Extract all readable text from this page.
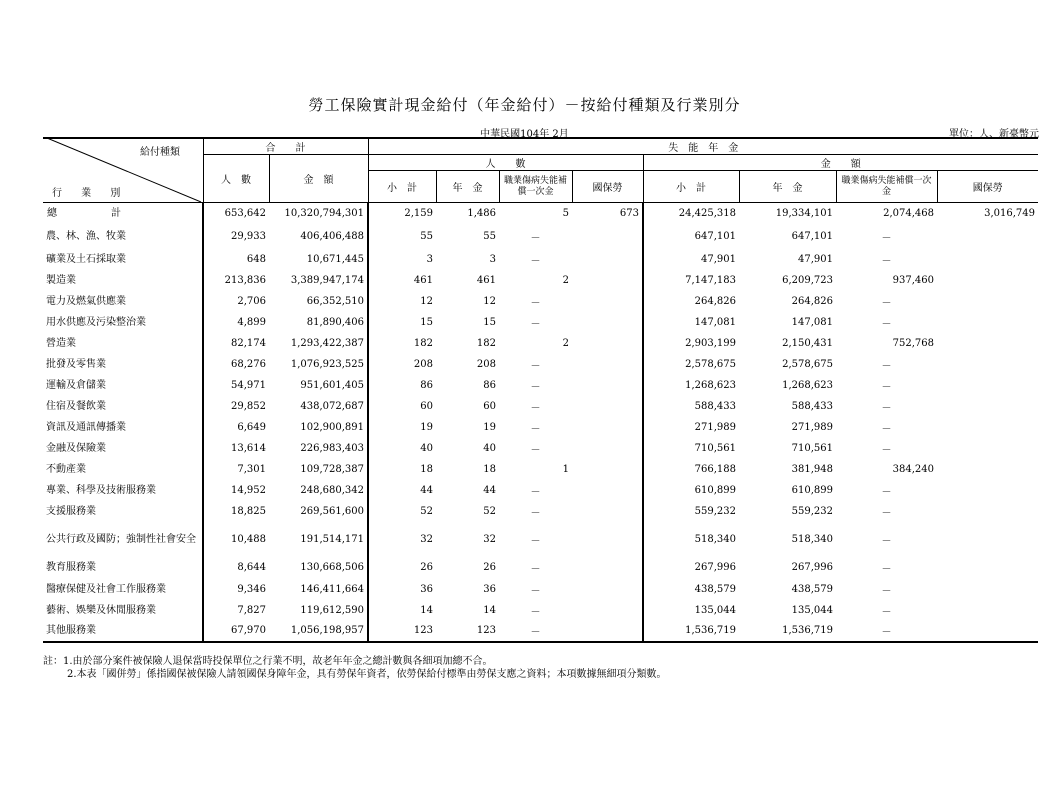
勞工保險實計現金給付（年金給付）－按給付種類及行業別分
中華民國104年 2月	單位：人、新臺幣元
給付種類
行 業 別
	合　　計		失　能　年　金							
	人　數	金　額	人　　數				金　　額			
			小　計	年　金	職業傷病失能補償一次金	國保勞	小　計	年　金	職業傷病失能補償一次金	國保勞
總　計	653,642	10,320,794,301	2,159	1,486	5	673	24,425,318	19,334,101	2,074,468	3,016,749
農、林、漁、牧業	29,933	406,406,488	55	55	－		647,101	647,101	－	
礦業及土石採取業	648	10,671,445	3	3	－		47,901	47,901	－	
製造業	213,836	3,389,947,174	461	461	2		7,147,183	6,209,723	937,460	
電力及燃氣供應業	2,706	66,352,510	12	12	－		264,826	264,826	－	
用水供應及污染整治業	4,899	81,890,406	15	15	－		147,081	147,081	－	
營造業	82,174	1,293,422,387	182	182	2		2,903,199	2,150,431	752,768	
批發及零售業	68,276	1,076,923,525	208	208	－		2,578,675	2,578,675	－	
運輸及倉儲業	54,971	951,601,405	86	86	－		1,268,623	1,268,623	－	
住宿及餐飲業	29,852	438,072,687	60	60	－		588,433	588,433	－	
資訊及通訊傳播業	6,649	102,900,891	19	19	－		271,989	271,989	－	
金融及保險業	13,614	226,983,403	40	40	－		710,561	710,561	－	
不動產業	7,301	109,728,387	18	18	1		766,188	381,948	384,240	
專業、科學及技術服務業	14,952	248,680,342	44	44	－		610,899	610,899	－	
支援服務業	18,825	269,561,600	52	52	－		559,232	559,232	－	
公共行政及國防；強制性社會安全	10,488	191,514,171	32	32	－		518,340	518,340	－	
教育服務業	8,644	130,668,506	26	26	－		267,996	267,996	－	
醫療保健及社會工作服務業	9,346	146,411,664	36	36	－		438,579	438,579	－	
藝術、娛樂及休閒服務業	7,827	119,612,590	14	14	－		135,044	135,044	－	
其他服務業	67,970	1,056,198,957	123	123	－		1,536,719	1,536,719	－	
註：1.由於部分案件被保險人退保當時投保單位之行業不明，故老年年金之總計數與各細項加總不合。
2.本表「國併勞」係指國保被保險人請領國保身障年金，具有勞保年資者，依勞保給付標準由勞保支應之資料；本項數據無細項分類數。
